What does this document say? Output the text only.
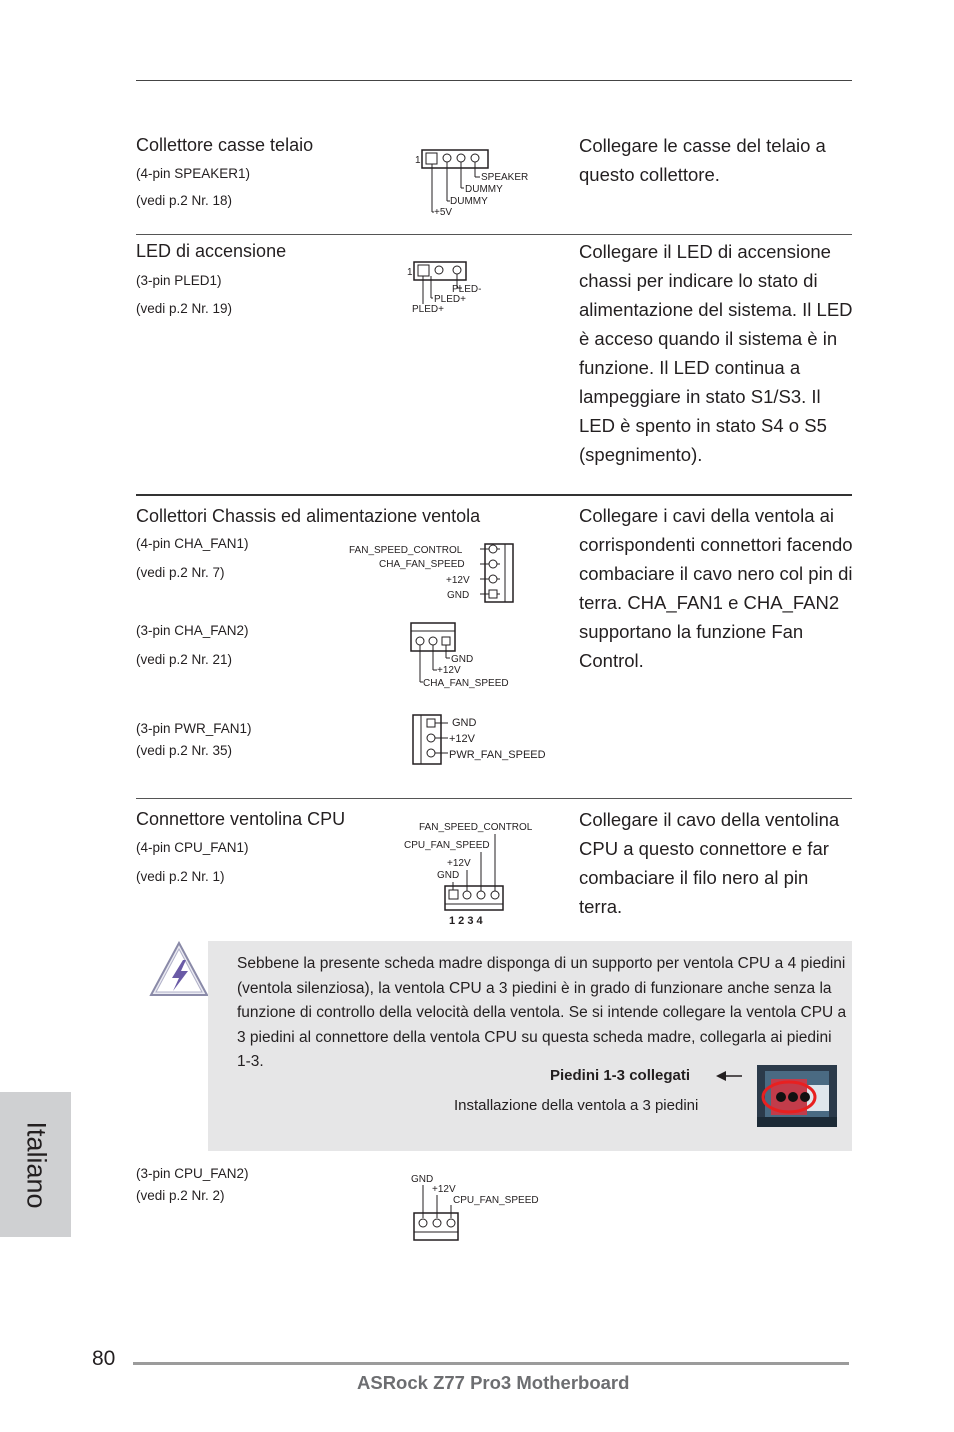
Collettore casse telaio
(4-pin SPEAKER1)
(vedi p.2 Nr. 18)
Collegare le casse del telaio a questo collettore.
1
SPEAKER
DUMMY
DUMMY
+5V
LED di accensione
(3-pin PLED1)
(vedi p.2 Nr. 19)
Collegare il LED di accensione chassi per indicare lo stato di alimentazione del sistema. Il LED è acceso quando il sistema è in funzione. Il LED continua a lampeggiare in stato S1/S3. Il LED è spento in stato S4 o S5 (spegnimento).
1
PLED-
PLED+
PLED+
Collettori Chassis ed alimentazione ventola	Collegare i cavi della ventola ai corrispondenti connettori facendo combaciare il cavo nero col pin di terra. CHA_FAN1 e CHA_FAN2 supportano la funzione Fan Control.
(4-pin CHA_FAN1)
(vedi p.2 Nr. 7)
FAN_SPEED_CONTROL
CHA_FAN_SPEED
+12V
GND
(3-pin CHA_FAN2)
(vedi p.2 Nr. 21)	GND
+12V
CHA_FAN_SPEED
(3-pin PWR_FAN1)
(vedi p.2 Nr. 35)
GND
+12V
PWR_FAN_SPEED
Connettore ventolina CPU
(4-pin CPU_FAN1)
(vedi p.2 Nr. 1)
Collegare il cavo della ventolina CPU a questo connettore e far combaciare il filo nero al pin terra.
FAN_SPEED_CONTROL
CPU_FAN_SPEED
+12V
GND
1 2 3 4
Sebbene la presente scheda madre disponga di un supporto per ventola CPU a 4 piedini (ventola silenziosa), la ventola CPU a 3 piedini è in grado di funzionare anche senza la funzione di controllo della velocità della ventola. Se si intende collegare la ventola CPU a 3 piedini al connettore della ventola CPU su questa scheda madre, collegarla ai piedini 1-3.
Piedini 1-3 collegati
Installazione della ventola a 3 piedini
(3-pin CPU_FAN2)
(vedi p.2 Nr. 2)
GND
+12V
CPU_FAN_SPEED
Italiano
80
ASRock Z77 Pro3 Motherboard
